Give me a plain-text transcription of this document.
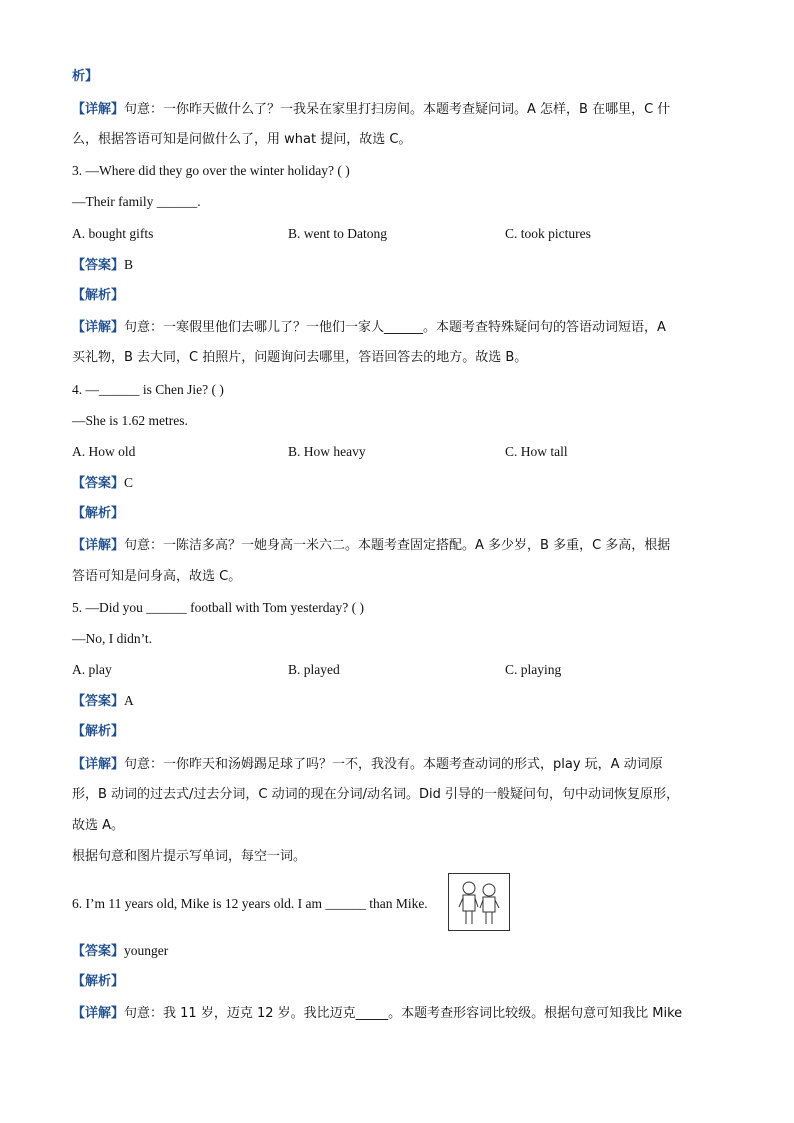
析】
【详解】句意：一你昨天做什么了？一我呆在家里打扫房间。本题考查疑问词。A 怎样，B 在哪里，C 什
么，根据答语可知是问做什么了，用 what 提问，故选 C。
3. —Where did they go over the winter holiday? ( )
—Their family ______.
A. bought gifts	B. went to Datong	C. took pictures
【答案】B
【解析】
【详解】句意：一寒假里他们去哪儿了？一他们一家人______。本题考查特殊疑问句的答语动词短语，A
买礼物，B 去大同，C 拍照片，问题询问去哪里，答语回答去的地方。故选 B。
4. —______ is Chen Jie? ( )
—She is 1.62 metres.
A. How old	B. How heavy	C. How tall
【答案】C
【解析】
【详解】句意：一陈洁多高？一她身高一米六二。本题考查固定搭配。A 多少岁，B 多重，C 多高，根据
答语可知是问身高，故选 C。
5. —Did you ______ football with Tom yesterday? ( )
—No, I didn’t.
A. play	B. played	C. playing
【答案】A
【解析】
【详解】句意：一你昨天和汤姆踢足球了吗？一不，我没有。本题考查动词的形式，play 玩，A 动词原
形，B 动词的过去式/过去分词，C 动词的现在分词/动名词。Did 引导的一般疑问句，句中动词恢复原形，
故选 A。
根据句意和图片提示写单词，每空一词。
6. I’m 11 years old, Mike is 12 years old. I am ______ than Mike.
【答案】younger
【解析】
【详解】句意：我 11 岁，迈克 12 岁。我比迈克_____。本题考查形容词比较级。根据句意可知我比 Mike
